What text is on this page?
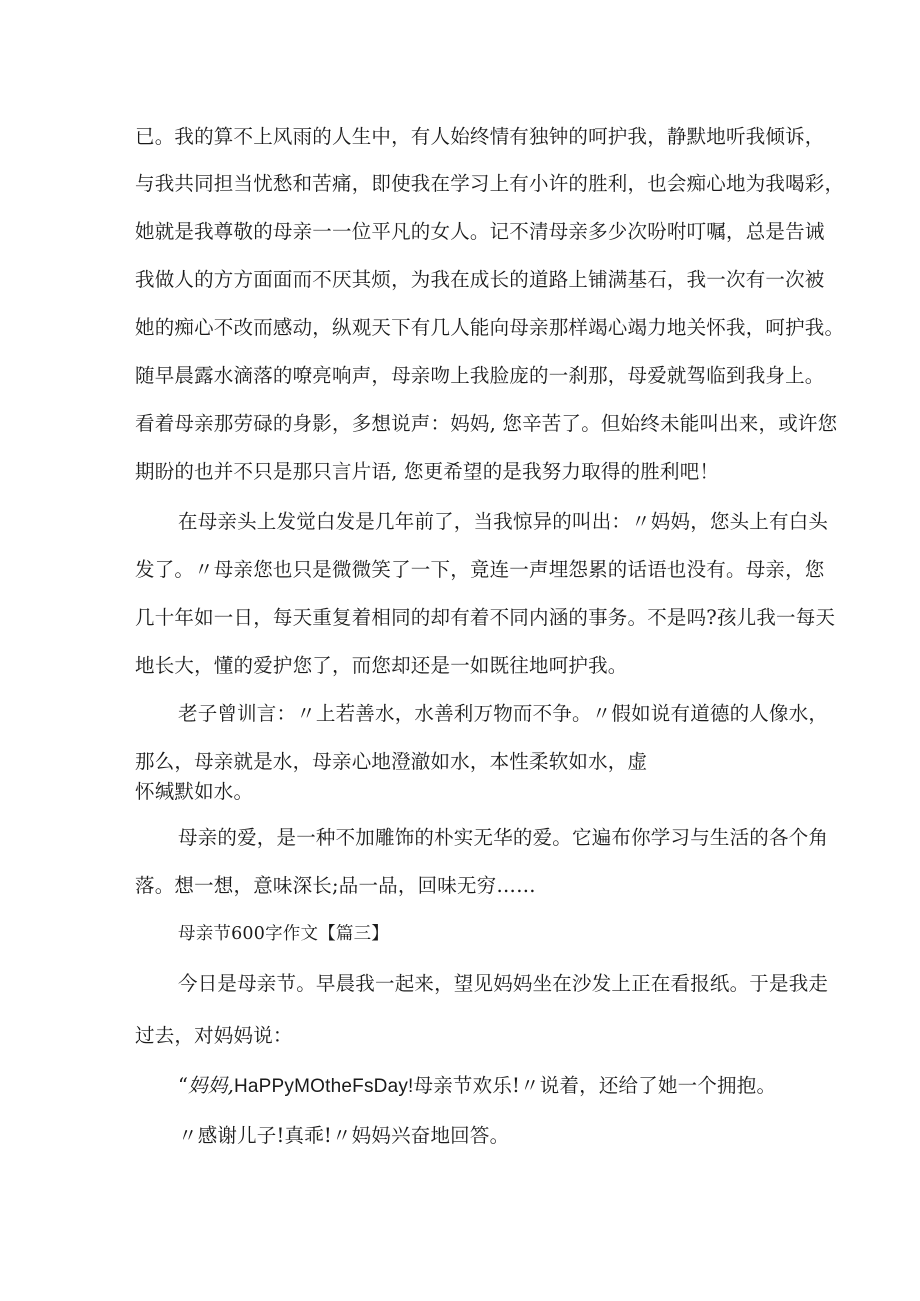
已。我的算不上风雨的人生中，有人始终情有独钟的呵护我，静默地听我倾诉，
与我共同担当忧愁和苦痛，即使我在学习上有小许的胜利，也会痴心地为我喝彩，
她就是我尊敬的母亲一一位平凡的女人。记不清母亲多少次吩咐叮嘱，总是告诫
我做人的方方面面而不厌其烦，为我在成长的道路上铺满基石，我一次有一次被
她的痴心不改而感动，纵观天下有几人能向母亲那样竭心竭力地关怀我，呵护我。
随早晨露水滴落的嘹亮响声，母亲吻上我脸庞的一刹那，母爱就驾临到我身上。
看着母亲那劳碌的身影，多想说声：妈妈, 您辛苦了。但始终未能叫出来，或许您
期盼的也并不只是那只言片语, 您更希望的是我努力取得的胜利吧！
在母亲头上发觉白发是几年前了，当我惊异的叫出：〃妈妈，您头上有白头
发了。〃母亲您也只是微微笑了一下，竟连一声埋怨累的话语也没有。母亲，您
几十年如一日，每天重复着相同的却有着不同内涵的事务。不是吗?孩儿我一每天
地长大，懂的爱护您了，而您却还是一如既往地呵护我。
老子曾训言：〃上若善水，水善利万物而不争。〃假如说有道德的人像水，
那么，母亲就是水，母亲心地澄澈如水，本性柔软如水，虚
怀缄默如水。
母亲的爱，是一种不加雕饰的朴实无华的爱。它遍布你学习与生活的各个角
落。想一想，意味深长;品一品，回味无穷……
母亲节600字作文【篇三】
今日是母亲节。早晨我一起来，望见妈妈坐在沙发上正在看报纸。于是我走
过去，对妈妈说：
“妈妈,HaPPyMOtheFsDay!母亲节欢乐!〃说着，还给了她一个拥抱。
〃感谢儿子!真乖!〃妈妈兴奋地回答。
